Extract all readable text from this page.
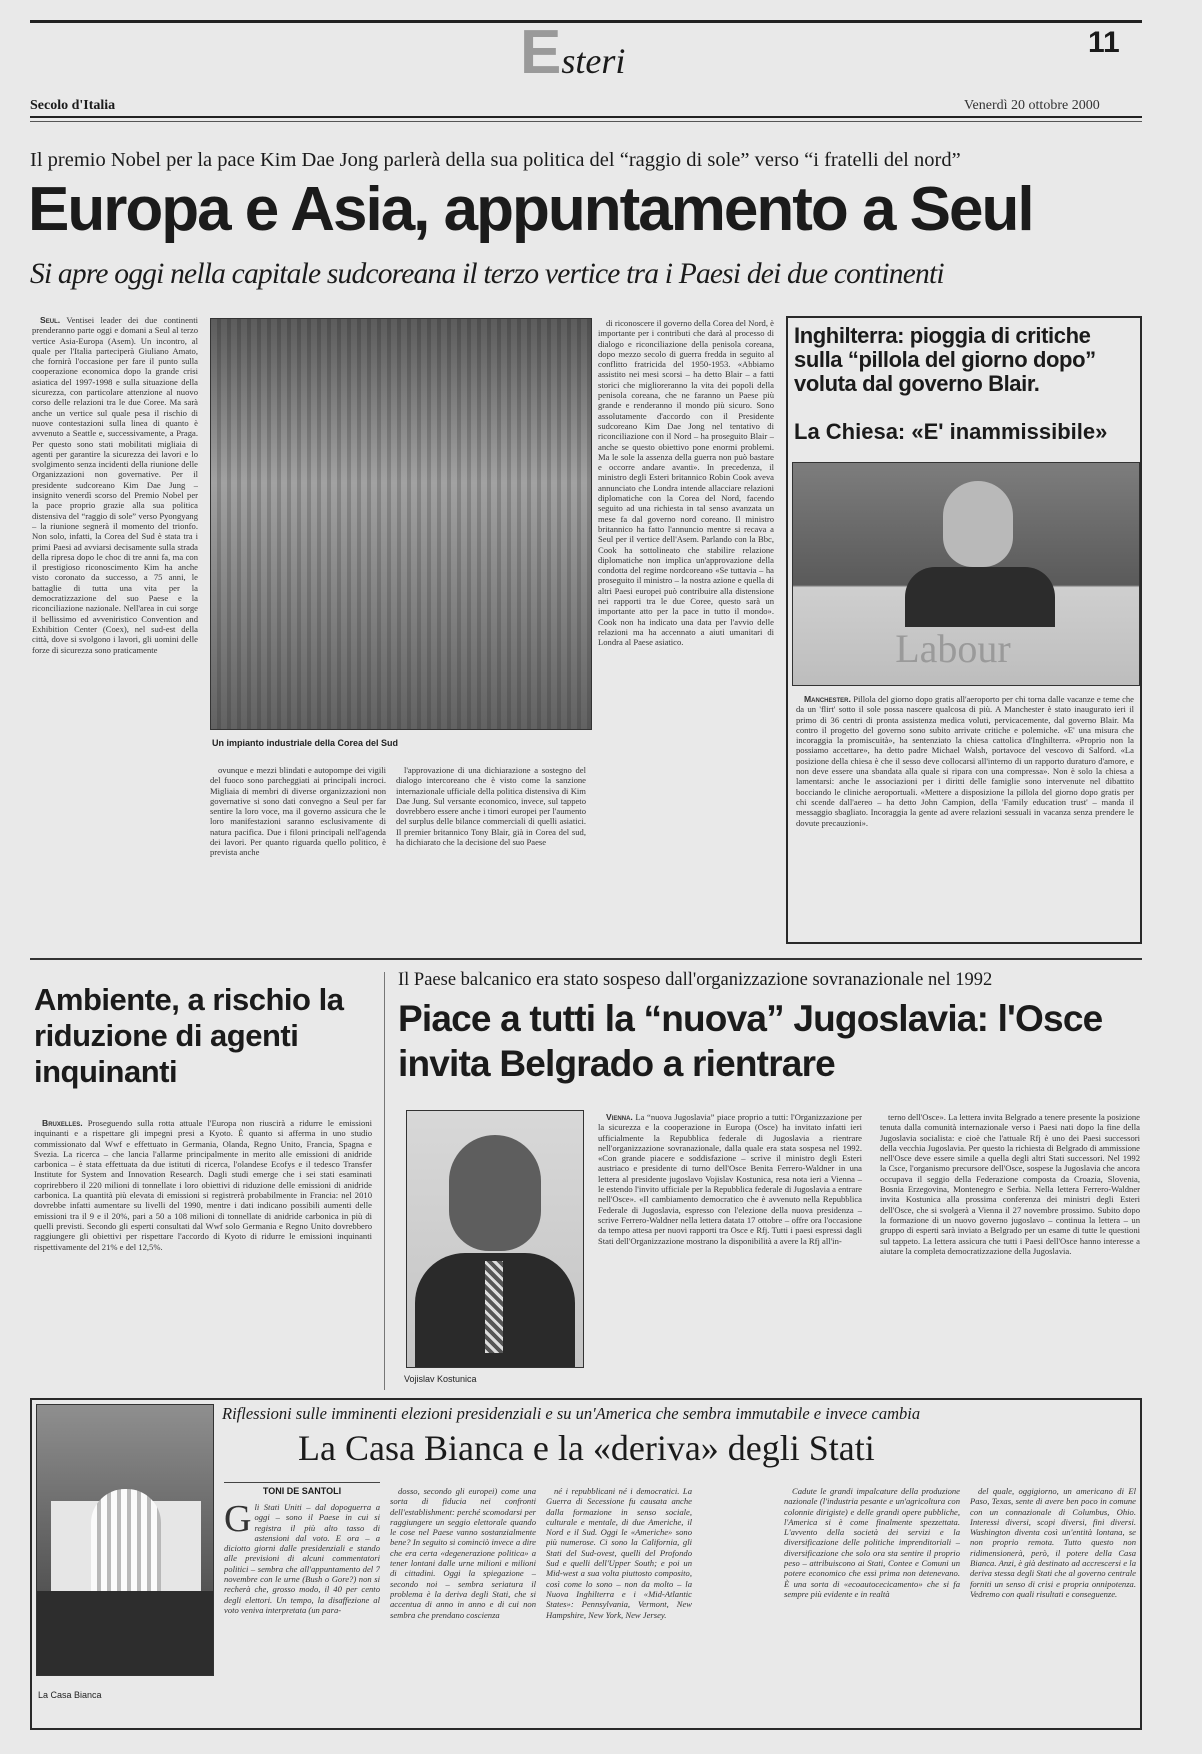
Esteri	11
Secolo d'Italia	Venerdì 20 ottobre 2000
Il premio Nobel per la pace Kim Dae Jong parlerà della sua politica del “raggio di sole” verso “i fratelli del nord”
Europa e Asia, appuntamento a Seul
Si apre oggi nella capitale sudcoreana il terzo vertice tra i Paesi dei due continenti

Seul. Ventisei leader dei due continenti prenderanno parte oggi e domani a Seul al terzo vertice Asia-Europa (Asem). Un incontro, al quale per l'Italia parteciperà Giuliano Amato, che fornirà l'occasione per fare il punto sulla cooperazione economica dopo la grande crisi asiatica del 1997-1998 e sulla situazione della sicurezza, con particolare attenzione al nuovo corso delle relazioni tra le due Coree. Ma sarà anche un vertice sul quale pesa il rischio di nuove contestazioni sulla linea di quanto è avvenuto a Seattle e, successivamente, a Praga. Per questo sono stati mobilitati migliaia di agenti per garantire la sicurezza dei lavori e lo svolgimento senza incidenti della riunione delle Organizzazioni non governative. Per il presidente sudcoreano Kim Dae Jung – insignito venerdì scorso del Premio Nobel per la pace proprio grazie alla sua politica distensiva del “raggio di sole” verso Pyongyang – la riunione segnerà il momento del trionfo. Non solo, infatti, la Corea del Sud è stata tra i primi Paesi ad avviarsi decisamente sulla strada della ripresa dopo le choc di tre anni fa, ma con il prestigioso riconoscimento Kim ha anche visto coronato da successo, a 75 anni, le battaglie di tutta una vita per la democratizzazione del suo Paese e la riconciliazione nazionale. Nell'area in cui sorge il bellissimo ed avveniristico Convention and Exhibition Center (Coex), nel sud-est della città, dove si svolgono i lavori, gli uomini delle forze di sicurezza sono praticamente

Un impianto industriale della Corea del Sud

ovunque e mezzi blindati e autopompe dei vigili del fuoco sono parcheggiati ai principali incroci. Migliaia di membri di diverse organizzazioni non governative si sono dati convegno a Seul per far sentire la loro voce, ma il governo assicura che le loro manifestazioni saranno esclusivamente di natura pacifica. Due i filoni principali nell'agenda dei lavori. Per quanto riguarda quello politico, è prevista anche

l'approvazione di una dichiarazione a sostegno del dialogo intercoreano che è visto come la sanzione internazionale ufficiale della politica distensiva di Kim Dae Jung. Sul versante economico, invece, sul tappeto dovrebbero essere anche i timori europei per l'aumento del surplus delle bilance commerciali di quelli asiatici. Il premier britannico Tony Blair, già in Corea del sud, ha dichiarato che la decisione del suo Paese

di riconoscere il governo della Corea del Nord, è importante per i contributi che darà al processo di dialogo e riconciliazione della penisola coreana, dopo mezzo secolo di guerra fredda in seguito al conflitto fratricida del 1950-1953. «Abbiamo assistito nei mesi scorsi – ha detto Blair – a fatti storici che miglioreranno la vita dei popoli della penisola coreana, che ne faranno un Paese più grande e renderanno il mondo più sicuro. Sono assolutamente d'accordo con il Presidente sudcoreano Kim Dae Jong nel tentativo di riconciliazione con il Nord – ha proseguito Blair – anche se questo obiettivo pone enormi problemi. Ma le sole la assenza della guerra non può bastare e occorre andare avanti». In precedenza, il ministro degli Esteri britannico Robin Cook aveva annunciato che Londra intende allacciare relazioni diplomatiche con la Corea del Nord, facendo seguito ad una richiesta in tal senso avanzata un mese fa dal governo nord coreano. Il ministro britannico ha fatto l'annuncio mentre si recava a Seul per il vertice dell'Asem. Parlando con la Bbc, Cook ha sottolineato che stabilire relazione diplomatiche non implica un'approvazione della condotta del regime nordcoreano «Se tuttavia – ha proseguito il ministro – la nostra azione e quella di altri Paesi europei può contribuire alla distensione nei rapporti tra le due Coree, questo sarà un importante atto per la pace in tutto il mondo». Cook non ha indicato una data per l'avvio delle relazioni ma ha accennato a aiuti umanitari di Londra al Paese asiatico.

Inghilterra: pioggia di critiche sulla “pillola del giorno dopo” voluta dal governo Blair.
La Chiesa: «E' inammissibile»
Labour

Manchester. Pillola del giorno dopo gratis all'aeroporto per chi torna dalle vacanze e teme che da un 'flirt' sotto il sole possa nascere qualcosa di più. A Manchester è stato inaugurato ieri il primo di 36 centri di pronta assistenza medica voluti, pervicacemente, dal governo Blair. Ma contro il progetto del governo sono subito arrivate critiche e polemiche. «E' una misura che incoraggia la promiscuità», ha sentenziato la chiesa cattolica d'Inghilterra. «Proprio non la possiamo accettare», ha detto padre Michael Walsh, portavoce del vescovo di Salford. «La posizione della chiesa è che il sesso deve collocarsi all'interno di un rapporto duraturo d'amore, e non deve essere una sbandata alla quale si ripara con una compressa». Non è solo la chiesa a lamentarsi: anche le associazioni per i diritti delle famiglie sono intervenute nel dibattito bocciando le cliniche aeroportuali. «Mettere a disposizione la pillola del giorno dopo gratis per chi scende dall'aereo – ha detto John Campion, della 'Family education trust' – manda il messaggio sbagliato. Incoraggia la gente ad avere relazioni sessuali in vacanza senza prendere le dovute precauzioni».

Ambiente, a rischio la riduzione di agenti inquinanti

Bruxelles. Proseguendo sulla rotta attuale l'Europa non riuscirà a ridurre le emissioni inquinanti e a rispettare gli impegni presi a Kyoto. È quanto si afferma in uno studio commissionato dal Wwf e effettuato in Germania, Olanda, Regno Unito, Francia, Spagna e Svezia. La ricerca – che lancia l'allarme principalmente in merito alle emissioni di anidride carbonica – è stata effettuata da due istituti di ricerca, l'olandese Ecofys e il tedesco Transfer Institute for System and Innovation Research. Dagli studi emerge che i sei stati esaminati coprirebbero il 220 milioni di tonnellate i loro obiettivi di riduzione delle emissioni di anidride carbonica. La quantità più elevata di emissioni si registrerà probabilmente in Francia: nel 2010 dovrebbe infatti aumentare su livelli del 1990, mentre i dati indicano possibili aumenti delle emissioni tra il 9 e il 20%, pari a 50 a 108 milioni di tonnellate di anidride carbonica in più di quelli previsti. Secondo gli esperti consultati dal Wwf solo Germania e Regno Unito dovrebbero raggiungere gli obiettivi per rispettare l'accordo di Kyoto di ridurre le emissioni inquinanti rispettivamente del 21% e del 12,5%.

Il Paese balcanico era stato sospeso dall'organizzazione sovranazionale nel 1992
Piace a tutti la “nuova” Jugoslavia: l'Osce invita Belgrado a rientrare
Vojislav Kostunica

Vienna. La “nuova Jugoslavia” piace proprio a tutti: l'Organizzazione per la sicurezza e la cooperazione in Europa (Osce) ha invitato infatti ieri ufficialmente la Repubblica federale di Jugoslavia a rientrare nell'organizzazione sovranazionale, dalla quale era stata sospesa nel 1992. «Con grande piacere e soddisfazione – scrive il ministro degli Esteri austriaco e presidente di turno dell'Osce Benita Ferrero-Waldner in una lettera al presidente jugoslavo Vojislav Kostunica, resa nota ieri a Vienna – le estendo l'invito ufficiale per la Repubblica federale di Jugoslavia a entrare nell'Osce». «Il cambiamento democratico che è avvenuto nella Repubblica Federale di Jugoslavia, espresso con l'elezione della nuova presidenza – scrive Ferrero-Waldner nella lettera datata 17 ottobre – offre ora l'occasione da tempo attesa per nuovi rapporti tra Osce e Rfj. Tutti i paesi espressi dagli Stati dell'Organizzazione mostrano la disponibilità a avere la Rfj all'in-

terno dell'Osce». La lettera invita Belgrado a tenere presente la posizione tenuta dalla comunità internazionale verso i Paesi nati dopo la fine della Jugoslavia socialista: e cioè che l'attuale Rfj è uno dei Paesi successori della vecchia Jugoslavia. Per questo la richiesta di Belgrado di ammissione nell'Osce deve essere simile a quella degli altri Stati successori. Nel 1992 la Csce, l'organismo precursore dell'Osce, sospese la Jugoslavia che ancora occupava il seggio della Federazione composta da Croazia, Slovenia, Bosnia Erzegovina, Montenegro e Serbia. Nella lettera Ferrero-Waldner invita Kostunica alla prossima conferenza dei ministri degli Esteri dell'Osce, che si svolgerà a Vienna il 27 novembre prossimo. Subito dopo la formazione di un nuovo governo jugoslavo – continua la lettera – un gruppo di esperti sarà inviato a Belgrado per un esame di tutte le questioni sul tappeto. La lettera assicura che tutti i Paesi dell'Osce hanno interesse a aiutare la completa democratizzazione della Jugoslavia.

La Casa Bianca
Riflessioni sulle imminenti elezioni presidenziali e su un'America che sembra immutabile e invece cambia
La Casa Bianca e la «deriva» degli Stati
TONI DE SANTOLI
G li Stati Uniti – dal dopoguerra a oggi – sono il Paese in cui si registra il più alto tasso di astensioni dal voto. E ora – a diciotto giorni dalle presidenziali e stando alle previsioni di alcuni commentatori politici – sembra che all'appuntamento del 7 novembre con le urne (Bush o Gore?) non si recherà che, grosso modo, il 40 per cento degli elettori. Un tempo, la disaffezione al voto veniva interpretata (un para-

dosso, secondo gli europei) come una sorta di fiducia nei confronti dell'establishment: perché scomodarsi per raggiungere un seggio elettorale quando le cose nel Paese vanno sostanzialmente bene? In seguito si cominciò invece a dire che era certa «degenerazione politica» a tener lontani dalle urne milioni e milioni di cittadini. Oggi la spiegazione – secondo noi – sembra seriatura il problema è la deriva degli Stati, che si accentua di anno in anno e di cui non sembra che prendano coscienza

né i repubblicani né i democratici. La Guerra di Secessione fu causata anche dalla formazione in senso sociale, culturale e mentale, di due Americhe, il Nord e il Sud. Oggi le «Americhe» sono più numerose. Ci sono la California, gli Stati del Sud-ovest, quelli del Profondo Sud e quelli dell'Upper South; e poi un Mid-west a sua volta piuttosto composito, così come lo sono – non da molto – la Nuova Inghilterra e i «Mid-Atlantic States»: Pennsylvania, Vermont, New Hampshire, New York, New Jersey.

Cadute le grandi impalcature della produzione nazionale (l'industria pesante e un'agricoltura con colonnie dirigiste) e delle grandi opere pubbliche, l'America si è come finalmente spezzettata. L'avvento della società dei servizi e la diversificazione delle politiche imprenditoriali – diversificazione che solo ora sta sentire il proprio peso – attribuiscono ai Stati, Contee e Comuni un potere economico che essi prima non detenevano. È una sorta di «ecoautocecicamento» che si fa sempre più evidente e in realtà

del quale, oggigiorno, un americano di El Paso, Texas, sente di avere ben poco in comune con un connazionale di Columbus, Ohio. Interessi diversi, scopi diversi, fini diversi. Washington diventa così un'entità lontana, se non proprio remota. Tutto questo non ridimensionerà, però, il potere della Casa Bianca. Anzi, è già destinato ad accrescersi e la deriva stessa degli Stati che al governo centrale forniti un senso di crisi e propria onnipotenza. Vedremo con quali risultati e conseguenze.
